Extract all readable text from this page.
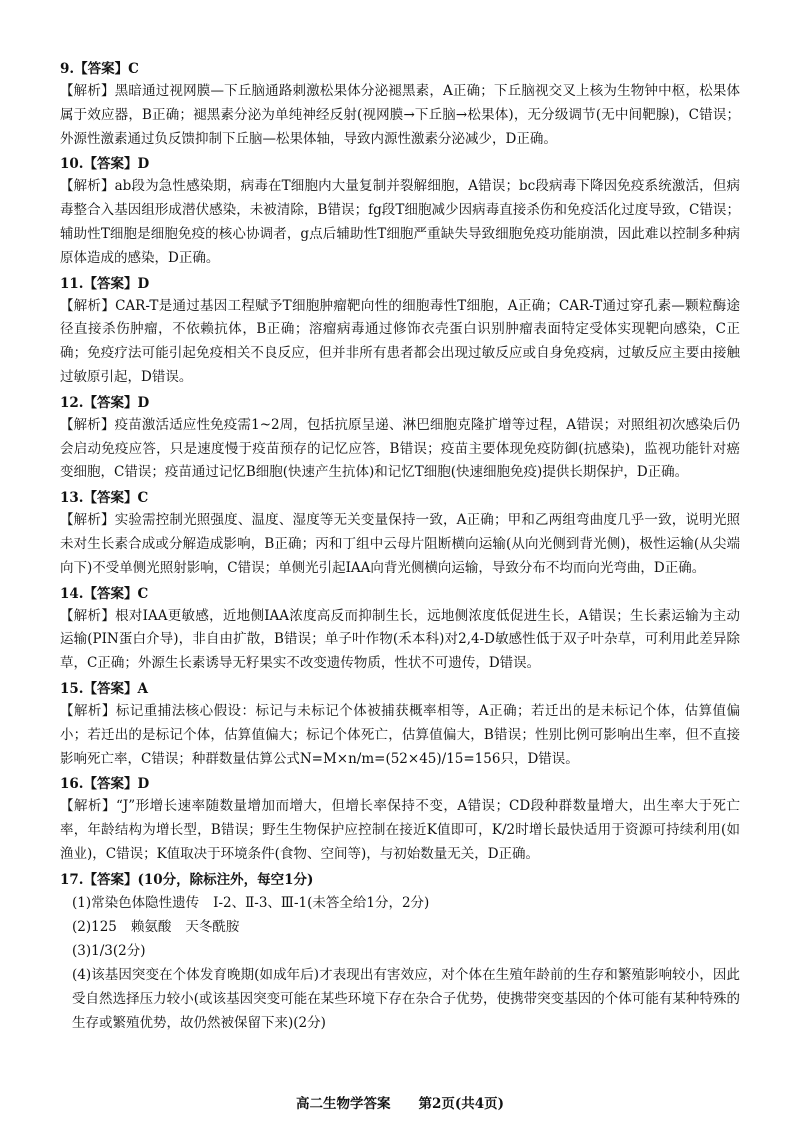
9.【答案】C

【解析】黑暗通过视网膜—下丘脑通路刺激松果体分泌褪黑素，A正确；下丘脑视交叉上核为生物钟中枢，松果体属于效应器，B正确；褪黑素分泌为单纯神经反射(视网膜→下丘脑→松果体)，无分级调节(无中间靶腺)，C错误；外源性激素通过负反馈抑制下丘脑—松果体轴，导致内源性激素分泌减少，D正确。

10.【答案】D

【解析】ab段为急性感染期，病毒在T细胞内大量复制并裂解细胞，A错误；bc段病毒下降因免疫系统激活，但病毒整合入基因组形成潜伏感染，未被清除，B错误；fg段T细胞减少因病毒直接杀伤和免疫活化过度导致，C错误；辅助性T细胞是细胞免疫的核心协调者，g点后辅助性T细胞严重缺失导致细胞免疫功能崩溃，因此难以控制多种病原体造成的感染，D正确。

11.【答案】D

【解析】CAR-T是通过基因工程赋予T细胞肿瘤靶向性的细胞毒性T细胞，A正确；CAR-T通过穿孔素—颗粒酶途径直接杀伤肿瘤，不依赖抗体，B正确；溶瘤病毒通过修饰衣壳蛋白识别肿瘤表面特定受体实现靶向感染，C正确；免疫疗法可能引起免疫相关不良反应，但并非所有患者都会出现过敏反应或自身免疫病，过敏反应主要由接触过敏原引起，D错误。

12.【答案】D

【解析】疫苗激活适应性免疫需1~2周，包括抗原呈递、淋巴细胞克隆扩增等过程，A错误；对照组初次感染后仍会启动免疫应答，只是速度慢于疫苗预存的记忆应答，B错误；疫苗主要体现免疫防御(抗感染)，监视功能针对癌变细胞，C错误；疫苗通过记忆B细胞(快速产生抗体)和记忆T细胞(快速细胞免疫)提供长期保护，D正确。

13.【答案】C

【解析】实验需控制光照强度、温度、湿度等无关变量保持一致，A正确；甲和乙两组弯曲度几乎一致，说明光照未对生长素合成或分解造成影响，B正确；丙和丁组中云母片阻断横向运输(从向光侧到背光侧)，极性运输(从尖端向下)不受单侧光照射影响，C错误；单侧光引起IAA向背光侧横向运输，导致分布不均而向光弯曲，D正确。

14.【答案】C

【解析】根对IAA更敏感，近地侧IAA浓度高反而抑制生长，远地侧浓度低促进生长，A错误；生长素运输为主动运输(PIN蛋白介导)，非自由扩散，B错误；单子叶作物(禾本科)对2,4-D敏感性低于双子叶杂草，可利用此差异除草，C正确；外源生长素诱导无籽果实不改变遗传物质，性状不可遗传，D错误。

15.【答案】A

【解析】标记重捕法核心假设：标记与未标记个体被捕获概率相等，A正确；若迁出的是未标记个体，估算值偏小；若迁出的是标记个体，估算值偏大；标记个体死亡，估算值偏大，B错误；性别比例可影响出生率，但不直接影响死亡率，C错误；种群数量估算公式N=M×n/m=(52×45)/15=156只，D错误。

16.【答案】D

【解析】“J”形增长速率随数量增加而增大，但增长率保持不变，A错误；CD段种群数量增大，出生率大于死亡率，年龄结构为增长型，B错误；野生生物保护应控制在接近K值即可，K/2时增长最快适用于资源可持续利用(如渔业)，C错误；K值取决于环境条件(食物、空间等)，与初始数量无关，D正确。

17.【答案】(10分，除标注外，每空1分)

(1)常染色体隐性遗传 Ⅰ-2、Ⅱ-3、Ⅲ-1(未答全给1分，2分)

(2)125 赖氨酸 天冬酰胺

(3)1/3(2分)

(4)该基因突变在个体发育晚期(如成年后)才表现出有害效应，对个体在生殖年龄前的生存和繁殖影响较小，因此受自然选择压力较小(或该基因突变可能在某些环境下存在杂合子优势，使携带突变基因的个体可能有某种特殊的生存或繁殖优势，故仍然被保留下来)(2分)

高二生物学答案 第2页(共4页)
